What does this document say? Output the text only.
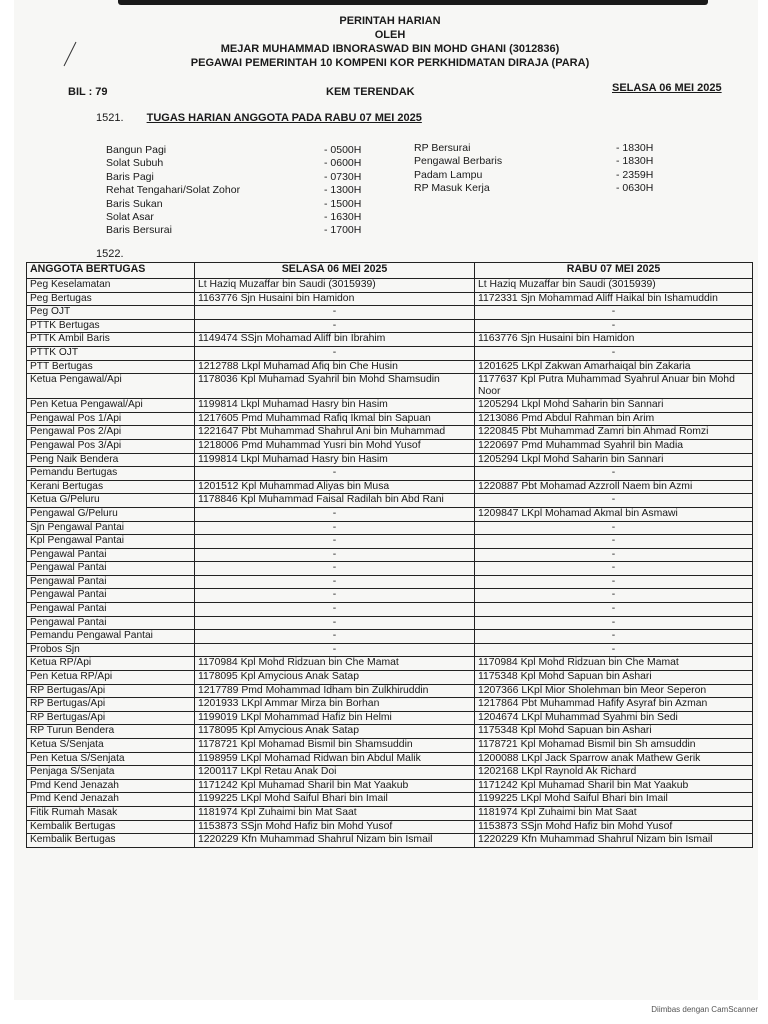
PERINTAH HARIAN
OLEH
MEJAR MUHAMMAD IBNORASWAD BIN MOHD GHANI (3012836)
PEGAWAI PEMERINTAH 10 KOMPENI KOR PERKHIDMATAN DIRAJA (PARA)
BIL : 79	KEM TERENDAK	SELASA 06 MEI 2025
1521. TUGAS HARIAN ANGGOTA PADA RABU 07 MEI 2025
Bangun Pagi	- 0500H
Solat Subuh	- 0600H
Baris Pagi	- 0730H
Rehat Tengahari/Solat Zohor	- 1300H
Baris Sukan	- 1500H
Solat Asar	- 1630H
Baris Bersurai	- 1700H
RP Bersurai	- 1830H
Pengawal Berbaris	- 1830H
Padam Lampu	- 2359H
RP Masuk Kerja	- 0630H
1522.
ANGGOTA BERTUGAS	SELASA 06 MEI 2025	RABU 07 MEI 2025
Peg Keselamatan	Lt Haziq Muzaffar bin Saudi (3015939)	Lt Haziq Muzaffar bin Saudi (3015939)
Peg Bertugas	1163776 Sjn Husaini bin Hamidon	1172331 Sjn Mohammad Aliff Haikal bin Ishamuddin
Peg OJT	-	-
PTTK Bertugas	-	-
PTTK Ambil Baris	1149474 SSjn Mohamad Aliff bin Ibrahim	1163776 Sjn Husaini bin Hamidon
PTTK OJT	-	-
PTT Bertugas	1212788 Lkpl Muhamad Afiq bin Che Husin	1201625 LKpl Zakwan Amarhaiqal bin Zakaria
Ketua Pengawal/Api	1178036 Kpl Muhamad Syahril bin Mohd Shamsudin	1177637 Kpl Putra Muhammad Syahrul Anuar bin Mohd Noor
Pen Ketua Pengawal/Api	1199814 Lkpl Muhamad Hasry bin Hasim	1205294 Lkpl Mohd Saharin bin Sannari
Pengawal Pos 1/Api	1217605 Pmd Muhammad Rafiq Ikmal bin Sapuan	1213086 Pmd Abdul Rahman bin Arim
Pengawal Pos 2/Api	1221647 Pbt Muhammad Shahrul Ani bin Muhammad	1220845 Pbt Muhammad Zamri bin Ahmad Romzi
Pengawal Pos 3/Api	1218006 Pmd Muhammad Yusri bin Mohd Yusof	1220697 Pmd Muhammad Syahril bin Madia
Peng Naik Bendera	1199814 Lkpl Muhamad Hasry bin Hasim	1205294 Lkpl Mohd Saharin bin Sannari
Pemandu Bertugas	-	-
Kerani Bertugas	1201512 Kpl Muhammad Aliyas bin Musa	1220887 Pbt Mohamad Azzroll Naem bin Azmi
Ketua G/Peluru	1178846 Kpl Muhammad Faisal Radilah bin Abd Rani	-
Pengawal G/Peluru	-	1209847 LKpl Mohamad Akmal bin Asmawi
Sjn Pengawal Pantai	-	-
Kpl Pengawal Pantai	-	-
Pengawal Pantai	-	-
Pengawal Pantai	-	-
Pengawal Pantai	-	-
Pengawal Pantai	-	-
Pengawal Pantai	-	-
Pengawal Pantai	-	-
Pemandu Pengawal Pantai	-	-
Probos Sjn	-	-
Ketua RP/Api	1170984 Kpl Mohd Ridzuan bin Che Mamat	1170984 Kpl Mohd Ridzuan bin Che Mamat
Pen Ketua RP/Api	1178095 Kpl Amycious Anak Satap	1175348 Kpl Mohd Sapuan bin Ashari
RP Bertugas/Api	1217789 Pmd Mohammad Idham bin Zulkhiruddin	1207366 LKpl Mior Sholehman bin Meor Seperon
RP Bertugas/Api	1201933 LKpl Ammar Mirza bin Borhan	1217864 Pbt Muhammad Hafify Asyraf bin Azman
RP Bertugas/Api	1199019 LKpl Mohammad Hafiz bin Helmi	1204674 LKpl Muhammad Syahmi bin Sedi
RP Turun Bendera	1178095 Kpl Amycious Anak Satap	1175348 Kpl Mohd Sapuan bin Ashari
Ketua S/Senjata	1178721 Kpl Mohamad Bismil bin Shamsuddin	1178721 Kpl Mohamad Bismil bin Sh amsuddin
Pen Ketua S/Senjata	1198959 LKpl Mohamad Ridwan bin Abdul Malik	1200088 LKpl Jack Sparrow anak Mathew Gerik
Penjaga S/Senjata	1200117 LKpl Retau Anak Doi	1202168 LKpl Raynold Ak Richard
Pmd Kend Jenazah	1171242 Kpl Muhamad Sharil bin Mat Yaakub	1171242 Kpl Muhamad Sharil bin Mat Yaakub
Pmd Kend Jenazah	1199225 LKpl Mohd Saiful Bhari bin Imail	1199225 LKpl Mohd Saiful Bhari bin Imail
Fitik Rumah Masak	1181974 Kpl Zuhaimi bin Mat Saat	1181974 Kpl Zuhaimi bin Mat Saat
Kembalik Bertugas	1153873 SSjn Mohd Hafiz bin Mohd Yusof	1153873 SSjn Mohd Hafiz bin Mohd Yusof
Kembalik Bertugas	1220229 Kfn Muhammad Shahrul Nizam bin Ismail	1220229 Kfn Muhammad Shahrul Nizam bin Ismail
Diimbas dengan CamScanner
